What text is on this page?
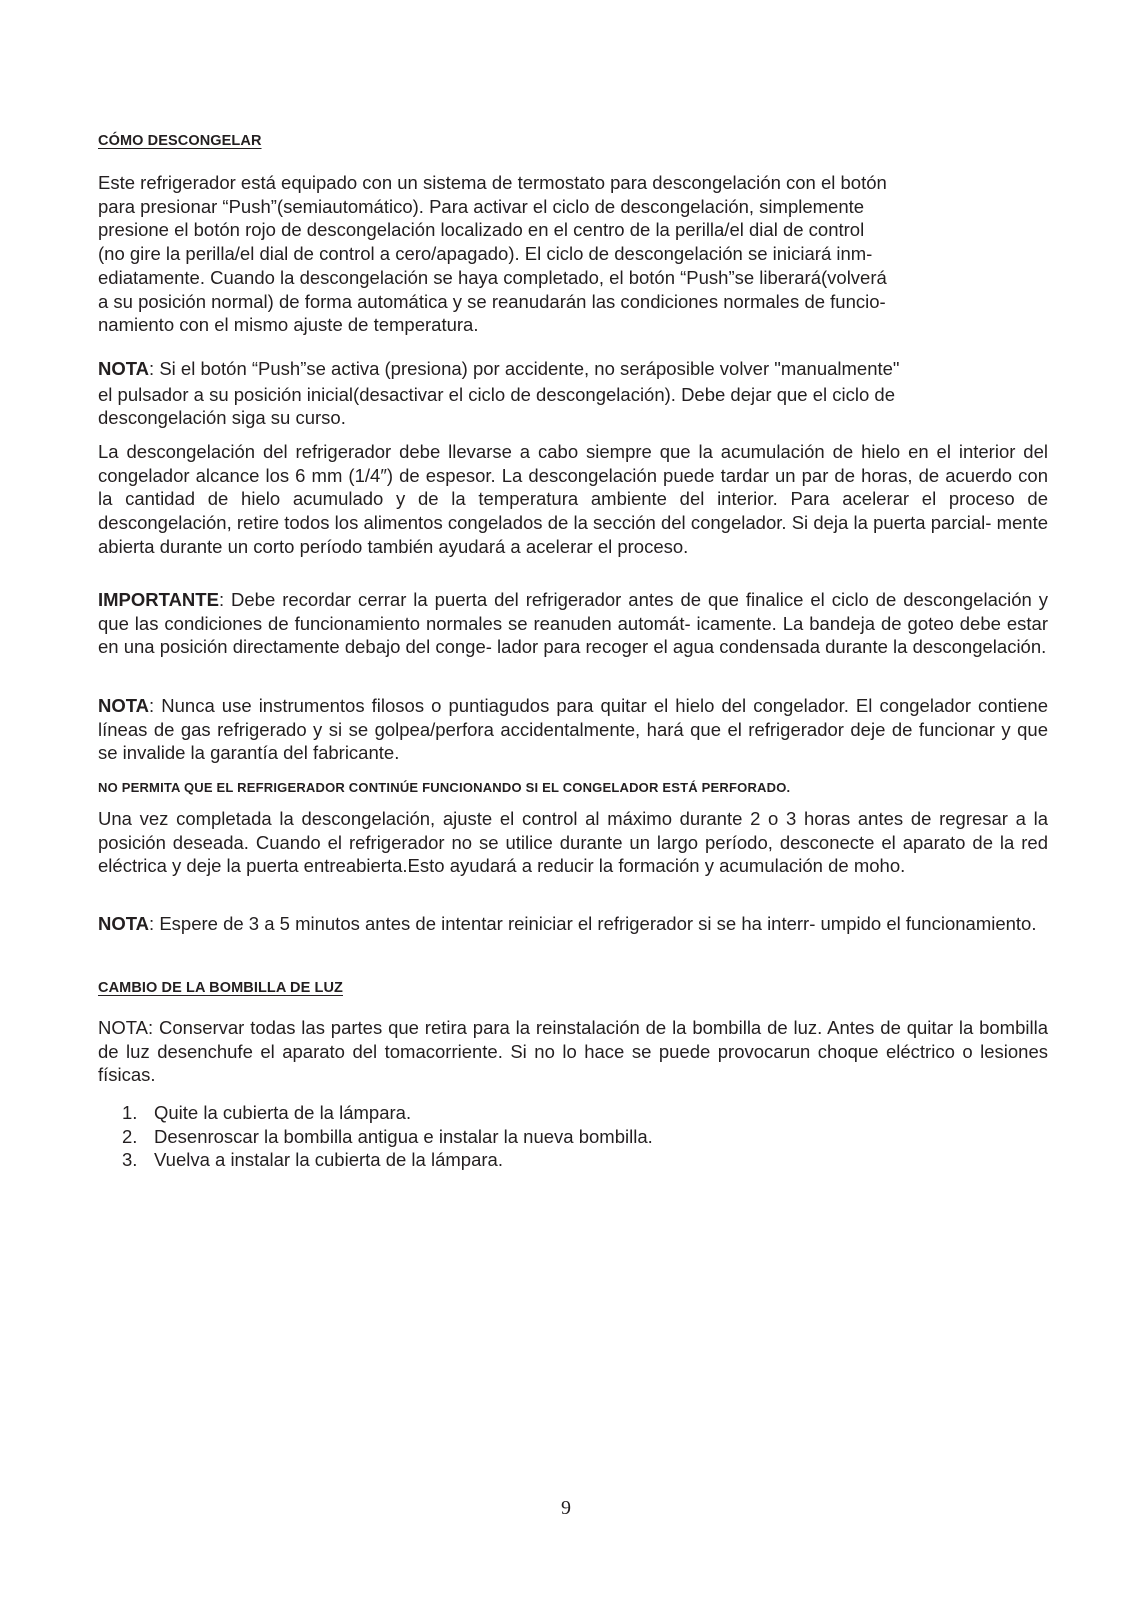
CÓMO DESCONGELAR

Este refrigerador está equipado con un sistema de termostato para descongelación con el botón
para presionar “Push”(semiautomático). Para activar el ciclo de descongelación, simplemente
presione el botón rojo de descongelación localizado en el centro de la perilla/el dial de control
(no gire la perilla/el dial de control a cero/apagado). El ciclo de descongelación se iniciará inm-
ediatamente. Cuando la descongelación se haya completado, el botón “Push”se liberará(volverá
a su posición normal) de forma automática y se reanudarán las condiciones normales de funcio-
namiento con el mismo ajuste de temperatura.

NOTA: Si el botón “Push”se activa (presiona) por accidente, no seráposible volver "manualmente"
el pulsador a su posición inicial(desactivar el ciclo de descongelación). Debe dejar que el ciclo de
descongelación siga su curso.

La descongelación del refrigerador debe llevarse a cabo siempre que la acumulación de hielo en el interior del congelador alcance los 6 mm (1/4″) de espesor. La descongelación puede tardar un par de horas, de acuerdo con la cantidad de hielo acumulado y de la temperatura ambiente del interior. Para acelerar el proceso de descongelación, retire todos los alimentos congelados de la sección del congelador. Si deja la puerta parcial- mente abierta durante un corto período también ayudará a acelerar el proceso.

IMPORTANTE: Debe recordar cerrar la puerta del refrigerador antes de que finalice el ciclo de descongelación y que las condiciones de funcionamiento normales se reanuden automát- icamente. La bandeja de goteo debe estar en una posición directamente debajo del conge- lador para recoger el agua condensada durante la descongelación.

NOTA: Nunca use instrumentos filosos o puntiagudos para quitar el hielo del congelador. El congelador contiene líneas de gas refrigerado y si se golpea/perfora accidentalmente, hará que el refrigerador deje de funcionar y que se invalide la garantía del fabricante.

NO PERMITA QUE EL REFRIGERADOR CONTINÚE FUNCIONANDO SI EL CONGELADOR ESTÁ PERFORADO.

Una vez completada la descongelación, ajuste el control al máximo durante 2 o 3 horas antes de regresar a la posición deseada. Cuando el refrigerador no se utilice durante un largo período, desconecte el aparato de la red eléctrica y deje la puerta entreabierta.Esto ayudará a reducir la formación y acumulación de moho.

NOTA: Espere de 3 a 5 minutos antes de intentar reiniciar el refrigerador si se ha interr- umpido el funcionamiento.

CAMBIO DE LA BOMBILLA DE LUZ

NOTA: Conservar todas las partes que retira para la reinstalación de la bombilla de luz. Antes de quitar la bombilla de luz desenchufe el aparato del tomacorriente. Si no lo hace se puede provocarun choque eléctrico o lesiones físicas.

1. Quite la cubierta de la lámpara.
2. Desenroscar la bombilla antigua e instalar la nueva bombilla.
3. Vuelva a instalar la cubierta de la lámpara.
9
